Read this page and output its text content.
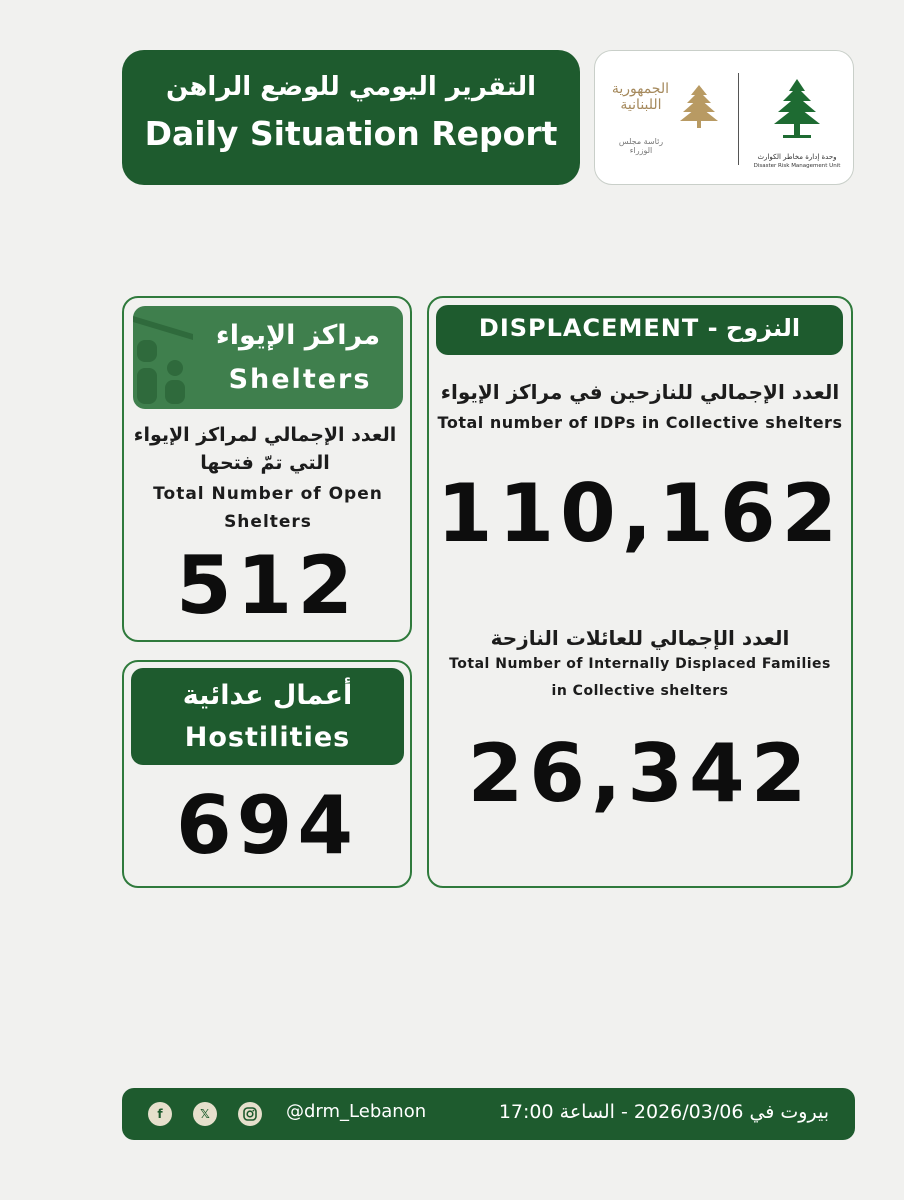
التقرير اليومي للوضع الراهن
Daily Situation Report
الجمهورية اللبنانية
رئاسة مجلس الوزراء
وحدة إدارة مخاطر الكوارث
Disaster Risk Management Unit
مراكز الإيواء
Shelters
العدد الإجمالي لمراكز الإيواء
التي تمّ فتحها
Total Number of Open
Shelters
512
أعمال عدائية
Hostilities
694
النزوح - DISPLACEMENT
العدد الإجمالي للنازحين في مراكز الإيواء
Total number of IDPs in Collective shelters
110,162
العدد الإجمالي للعائلات النازحة
Total Number of Internally Displaced Families
in Collective shelters
26,342
f	𝕏	@drm_Lebanon	بيروت في 2026/03/06 - الساعة 17:00
